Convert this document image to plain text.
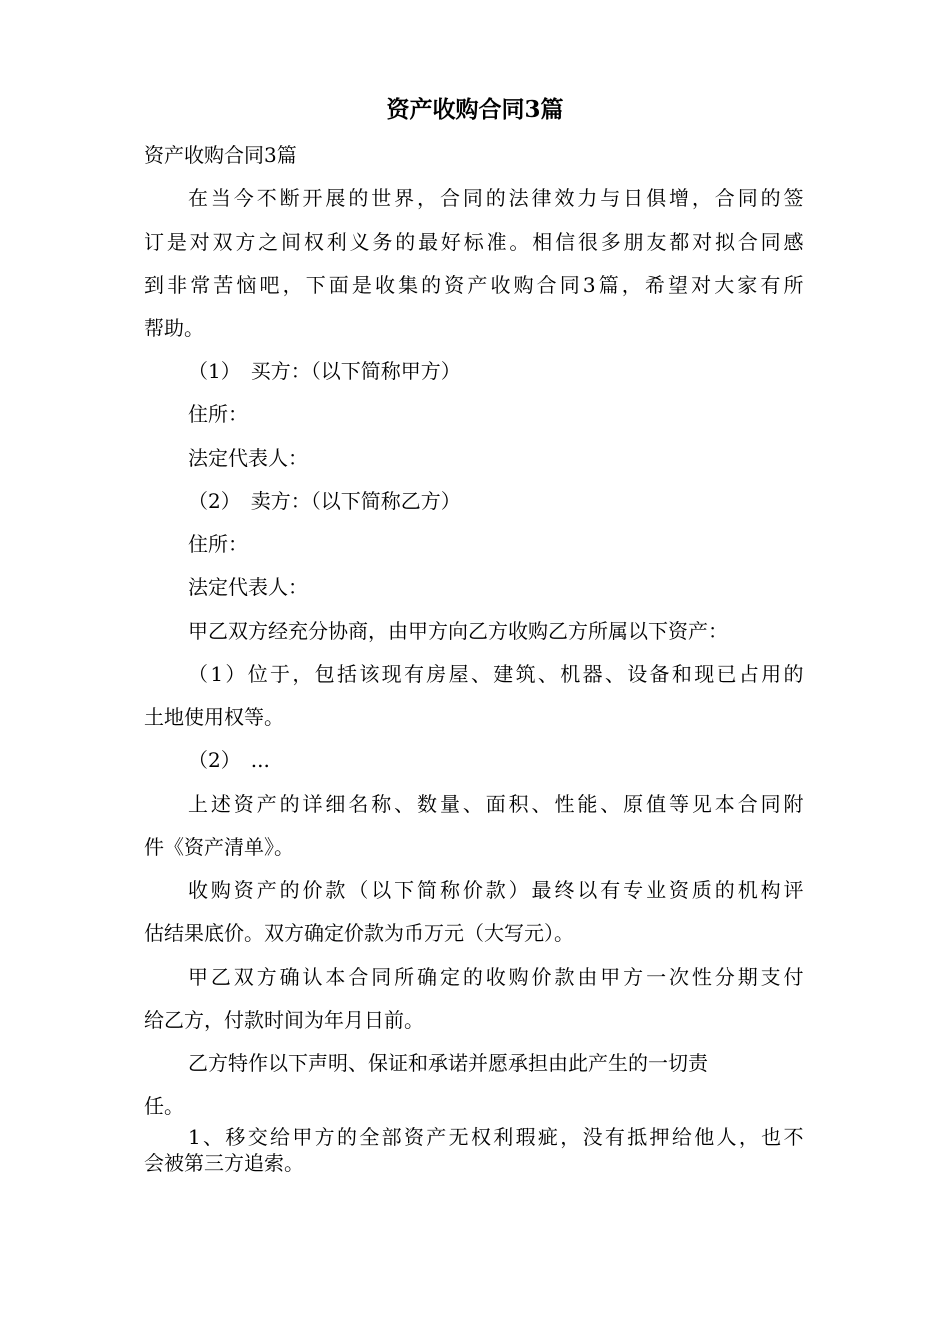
资产收购合同3篇
资产收购合同3篇
在当今不断开展的世界，合同的法律效力与日俱增，合同的签
订是对双方之间权利义务的最好标准。相信很多朋友都对拟合同感
到非常苦恼吧，下面是收集的资产收购合同3篇，希望对大家有所
帮助。
（1）　买方：（以下简称甲方）
住所：
法定代表人：
（2）　卖方：（以下简称乙方）
住所：
法定代表人：
甲乙双方经充分协商，由甲方向乙方收购乙方所属以下资产：
（1）位于，包括该现有房屋、建筑、机器、设备和现已占用的
土地使用权等。
（2）　...
上述资产的详细名称、数量、面积、性能、原值等见本合同附
件《资产清单》。
收购资产的价款（以下简称价款）最终以有专业资质的机构评
估结果底价。双方确定价款为币万元（大写元）。
甲乙双方确认本合同所确定的收购价款由甲方一次性分期支付
给乙方，付款时间为年月日前。
乙方特作以下声明、保证和承诺并愿承担由此产生的一切责
任。
1、移交给甲方的全部资产无权利瑕疵，没有抵押给他人，也不
会被第三方追索。
